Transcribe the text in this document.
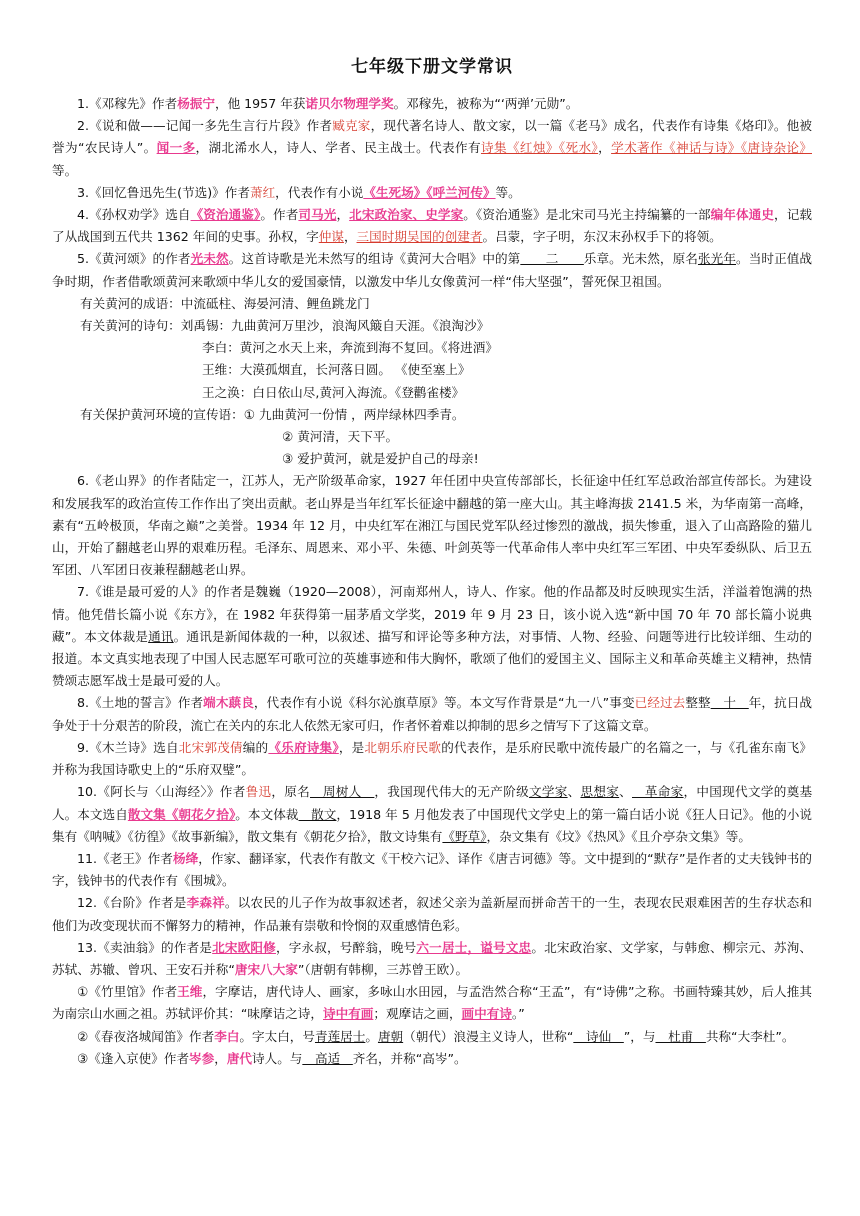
七年级下册文学常识

1.《邓稼先》作者杨振宁，他 1957 年获诺贝尔物理学奖。邓稼先，被称为“‘两弹’元勋”。

2.《说和做——记闻一多先生言行片段》作者臧克家，现代著名诗人、散文家，以一篇《老马》成名，代表作有诗集《烙印》。他被誉为“农民诗人”。闻一多，湖北浠水人，诗人、学者、民主战士。代表作有诗集《红烛》《死水》，学术著作《神话与诗》《唐诗杂论》等。

3.《回忆鲁迅先生(节选)》作者萧红，代表作有小说《生死场》《呼兰河传》等。

4.《孙权劝学》选自《资治通鉴》。作者司马光，北宋政治家、史学家。《资治通鉴》是北宋司马光主持编纂的一部编年体通史，记载了从战国到五代共 1362 年间的史事。孙权，字仲谋，三国时期吴国的创建者。吕蒙，字子明，东汉末孙权手下的将领。

5.《黄河颂》的作者光未然。这首诗歌是光未然写的组诗《黄河大合唱》中的第＿＿二＿＿乐章。光未然，原名张光年。当时正值战争时期，作者借歌颂黄河来歌颂中华儿女的爱国豪情，以激发中华儿女像黄河一样“伟大坚强”，誓死保卫祖国。

有关黄河的成语：中流砥柱、海晏河清、鲤鱼跳龙门

有关黄河的诗句：刘禹锡：九曲黄河万里沙，浪淘风簸自天涯。《浪淘沙》

李白：黄河之水天上来，奔流到海不复回。《将进酒》

王维：大漠孤烟直，长河落日圆。 《使至塞上》

王之涣：白日依山尽,黄河入海流。《登鹳雀楼》

有关保护黄河环境的宣传语：① 九曲黄河一份情 ，两岸绿林四季青。

② 黄河清，天下平。

③ 爱护黄河，就是爱护自己的母亲!

6.《老山界》的作者陆定一，江苏人，无产阶级革命家，1927 年任团中央宣传部部长，长征途中任红军总政治部宣传部长。为建设和发展我军的政治宣传工作作出了突出贡献。老山界是当年红军长征途中翻越的第一座大山。其主峰海拔 2141.5 米，为华南第一高峰，素有“五岭极顶，华南之巅”之美誉。1934 年 12 月，中央红军在湘江与国民党军队经过惨烈的激战，损失惨重，退入了山高路险的猫儿山，开始了翻越老山界的艰难历程。毛泽东、周恩来、邓小平、朱德、叶剑英等一代革命伟人率中央红军三军团、中央军委纵队、后卫五军团、八军团日夜兼程翻越老山界。

7.《谁是最可爱的人》的作者是魏巍（1920—2008），河南郑州人，诗人、作家。他的作品都及时反映现实生活，洋溢着饱满的热情。他凭借长篇小说《东方》，在 1982 年获得第一届茅盾文学奖，2019 年 9 月 23 日，该小说入选“新中国 70 年 70 部长篇小说典藏”。本文体裁是通讯。通讯是新闻体裁的一种，以叙述、描写和评论等多种方法，对事情、人物、经验、问题等进行比较详细、生动的报道。本文真实地表现了中国人民志愿军可歌可泣的英雄事迹和伟大胸怀，歌颂了他们的爱国主义、国际主义和革命英雄主义精神，热情赞颂志愿军战士是最可爱的人。

8.《土地的誓言》作者端木蕻良，代表作有小说《科尔沁旗草原》等。本文写作背景是“九一八”事变已经过去整整＿十＿年，抗日战争处于十分艰苦的阶段，流亡在关内的东北人依然无家可归，作者怀着难以抑制的思乡之情写下了这篇文章。

9.《木兰诗》选自北宋郭茂倩编的《乐府诗集》，是北朝乐府民歌的代表作，是乐府民歌中流传最广的名篇之一，与《孔雀东南飞》并称为我国诗歌史上的“乐府双璧”。

10.《阿长与〈山海经〉》作者鲁迅，原名＿周树人＿，我国现代伟大的无产阶级文学家、思想家、＿革命家，中国现代文学的奠基人。本文选自散文集《朝花夕拾》。本文体裁＿散文，1918 年 5 月他发表了中国现代文学史上的第一篇白话小说《狂人日记》。他的小说集有《呐喊》《彷徨》《故事新编》，散文集有《朝花夕拾》，散文诗集有《野草》，杂文集有《坟》《热风》《且介亭杂文集》等。

11.《老王》作者杨绛，作家、翻译家，代表作有散文《干校六记》、译作《唐吉诃德》等。文中提到的“默存”是作者的丈夫钱钟书的字，钱钟书的代表作有《围城》。

12.《台阶》作者是李森祥。以农民的儿子作为故事叙述者，叙述父亲为盖新屋而拼命苦干的一生，表现农民艰难困苦的生存状态和他们为改变现状而不懈努力的精神，作品兼有崇敬和怜悯的双重感情色彩。

13.《卖油翁》的作者是北宋欧阳修，字永叔，号醉翁，晚号六一居士，谥号文忠。北宋政治家、文学家，与韩愈、柳宗元、苏洵、苏轼、苏辙、曾巩、王安石并称“唐宋八大家”（唐朝有韩柳，三苏曾王欧）。

①《竹里馆》作者王维，字摩诘，唐代诗人、画家，多咏山水田园，与孟浩然合称“王孟”，有“诗佛”之称。书画特臻其妙，后人推其为南宗山水画之祖。苏轼评价其：“味摩诘之诗，诗中有画；观摩诘之画，画中有诗。”

②《春夜洛城闻笛》作者李白。字太白，号青莲居士。唐朝（朝代）浪漫主义诗人，世称“＿诗仙＿”，与＿杜甫＿共称“大李杜”。

③《逢入京使》作者岑参，唐代诗人。与＿高适＿齐名，并称“高岑”。
